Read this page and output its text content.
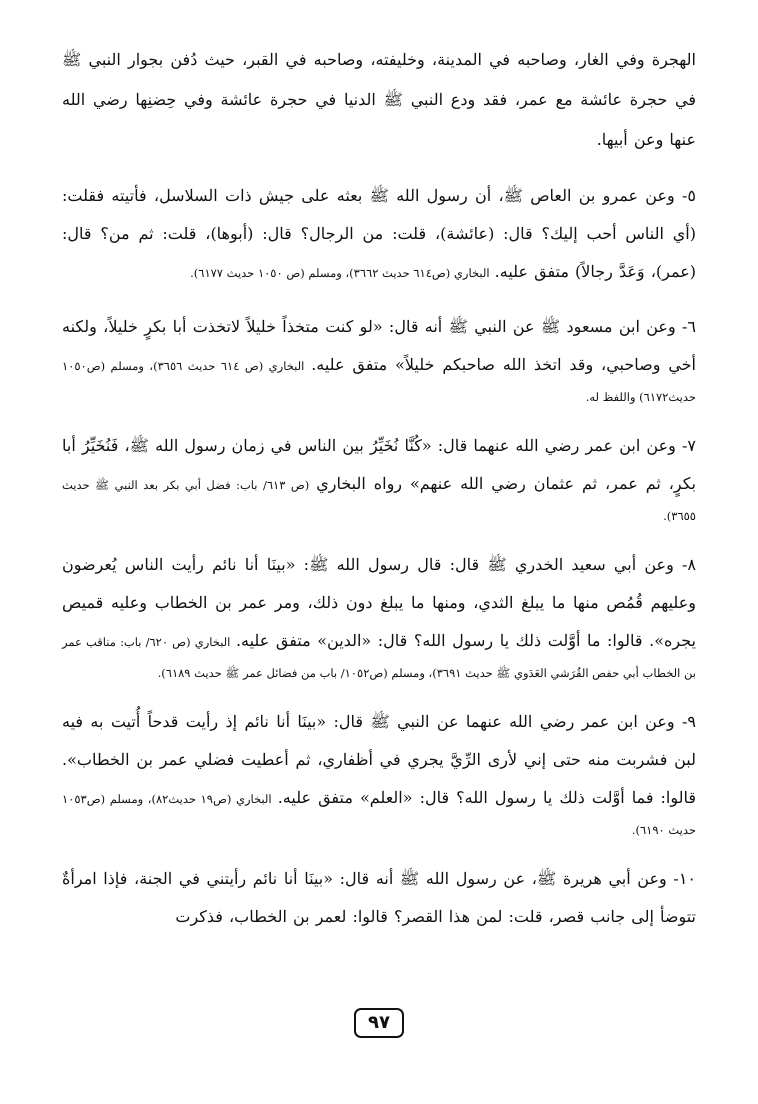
الهجرة وفي الغار، وصاحبه في المدينة، وخليفته، وصاحبه في القبر، حيث دُفن بجوار النبي ﷺ في حجرة عائشة مع عمر، فقد ودع النبي ﷺ الدنيا في حجرة عائشة وفي حِضنِها رضي الله عنها وعن أبيها.
٥- وعن عمرو بن العاص ﷺ، أن رسول الله ﷺ بعثه على جيش ذات السلاسل، فأتيته فقلت: (أي الناس أحب إليك؟ قال: (عائشة)، قلت: من الرجال؟ قال: (أبوها)، قلت: ثم من؟ قال: (عمر)، وَعَدَّ رجالاً) متفق عليه. البخاري (ص٦١٤ حديث ٣٦٦٢)، ومسلم (ص ١٠٥٠ حديث ٦١٧٧).
٦- وعن ابن مسعود ﷺ عن النبي ﷺ أنه قال: «لو كنت متخذاً خليلاً لاتخذت أبا بكرٍ خليلاً، ولكنه أخي وصاحبي، وقد اتخذ الله صاحبكم خليلاً» متفق عليه. البخاري (ص ٦١٤ حديث ٣٦٥٦)، ومسلم (ص١٠٥٠ حديث٦١٧٢) واللفظ له.
٧- وعن ابن عمر رضي الله عنهما قال: «كُنَّا نُخَيِّرُ بين الناس في زمان رسول الله ﷺ، فَنُخَيِّرُ أبا بكرٍ، ثم عمر، ثم عثمان رضي الله عنهم» رواه البخاري (ص ٦١٣/ باب: فضل أبي بكر بعد النبي ﷺ حديث ٣٦٥٥).
٨- وعن أبي سعيد الخدري ﷺ قال: قال رسول الله ﷺ: «بينَا أنا نائم رأيت الناس يُعرضون وعليهم قُمُص منها ما يبلغ الثدي، ومنها ما يبلغ دون ذلك، ومر عمر بن الخطاب وعليه قميص يجره». قالوا: ما أوَّلت ذلك يا رسول الله؟ قال: «الدين» متفق عليه. البخاري (ص ٦٢٠/ باب: مناقب عمر بن الخطاب أبي حفص القُرَشي العَدَوي ﷺ حديث ٣٦٩١)، ومسلم (ص١٠٥٢/ باب من فضائل عمر ﷺ حديث ٦١٨٩).
٩- وعن ابن عمر رضي الله عنهما عن النبي ﷺ قال: «بينَا أنا نائم إذ رأيت قدحاً أُتيت به فيه لبن فشربت منه حتى إني لأرى الرِّيَّ يجري في أظفاري، ثم أعطيت فضلي عمر بن الخطاب». قالوا: فما أوَّلت ذلك يا رسول الله؟ قال: «العلم» متفق عليه. البخاري (ص١٩ حديث٨٢)، ومسلم (ص١٠٥٣ حديث ٦١٩٠).
١٠- وعن أبي هريرة ﷺ، عن رسول الله ﷺ أنه قال: «بينَا أنا نائم رأيتني في الجنة، فإذا امرأةٌ تتوضأ إلى جانب قصر، قلت: لمن هذا القصر؟ قالوا: لعمر بن الخطاب، فذكرت
٩٧
